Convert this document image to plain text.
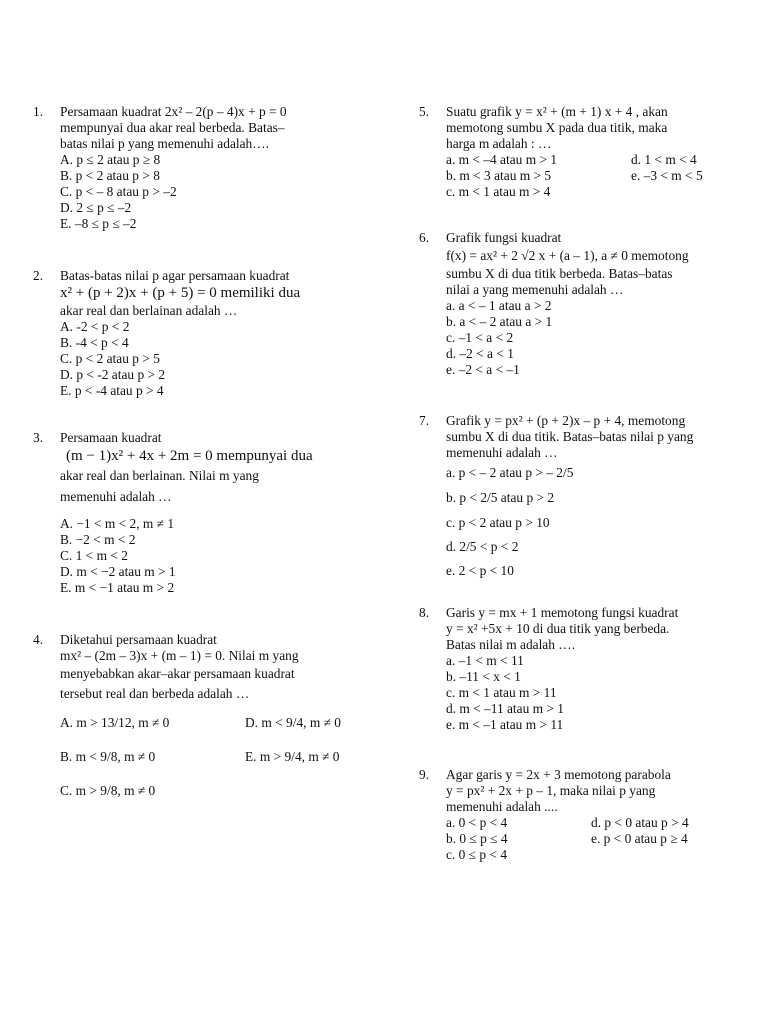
1. Persamaan kuadrat 2x² – 2(p – 4)x + p = 0
mempunyai dua akar real berbeda. Batas–
batas nilai p yang memenuhi adalah….
A. p ≤ 2 atau p ≥ 8
B. p < 2 atau p > 8
C. p < – 8 atau p > –2
D. 2 ≤ p ≤ –2
E. –8 ≤ p ≤ –2
2. Batas-batas nilai p agar persamaan kuadrat
x² + (p + 2)x + (p + 5) = 0 memiliki dua
akar real dan berlainan adalah …
A. -2 < p < 2
B. -4 < p < 4
C. p < 2 atau p > 5
D. p < -2 atau p > 2
E. p < -4 atau p > 4
3. Persamaan kuadrat
(m − 1)x² + 4x + 2m = 0 mempunyai dua
akar real dan berlainan. Nilai m yang
memenuhi adalah …
A. −1 < m < 2, m ≠ 1
B. −2 < m < 2
C. 1 < m < 2
D. m < −2 atau m > 1
E. m < −1 atau m > 2
4. Diketahui persamaan kuadrat
mx² – (2m – 3)x + (m – 1) = 0. Nilai m yang
menyebabkan akar–akar persamaan kuadrat
tersebut real dan berbeda adalah …
A. m > 13/12, m ≠ 0	D. m < 9/4, m ≠ 0
B. m < 9/8, m ≠ 0	E. m > 9/4, m ≠ 0
C. m > 9/8, m ≠ 0
5. Suatu grafik y = x² + (m + 1) x + 4 , akan
memotong sumbu X pada dua titik, maka
harga m adalah : …
a. m < –4 atau m > 1	d. 1 < m < 4
b. m < 3 atau m > 5	e. –3 < m < 5
c. m < 1 atau m > 4
6. Grafik fungsi kuadrat
f(x) = ax² + 2 √2 x + (a – 1), a ≠ 0 memotong
sumbu X di dua titik berbeda. Batas–batas
nilai a yang memenuhi adalah …
a. a < – 1 atau a > 2
b. a < – 2 atau a > 1
c. –1 < a < 2
d. –2 < a < 1
e. –2 < a < –1
7. Grafik y = px² + (p + 2)x – p + 4, memotong
sumbu X di dua titik. Batas–batas nilai p yang
memenuhi adalah …
a. p < – 2 atau p > – 2/5
b. p < 2/5 atau p > 2
c. p < 2 atau p > 10
d. 2/5 < p < 2
e. 2 < p < 10
8. Garis y = mx + 1 memotong fungsi kuadrat
y = x² +5x + 10 di dua titik yang berbeda.
Batas nilai m adalah ….
a. –1 < m < 11
b. –11 < x < 1
c. m < 1 atau m > 11
d. m < –11 atau m > 1
e. m < –1 atau m > 11
9. Agar garis y = 2x + 3 memotong parabola
y = px² + 2x + p – 1, maka nilai p yang
memenuhi adalah ....
a. 0 < p < 4	d. p < 0 atau p > 4
b. 0 ≤ p ≤ 4	e. p < 0 atau p ≥ 4
c. 0 ≤ p < 4
